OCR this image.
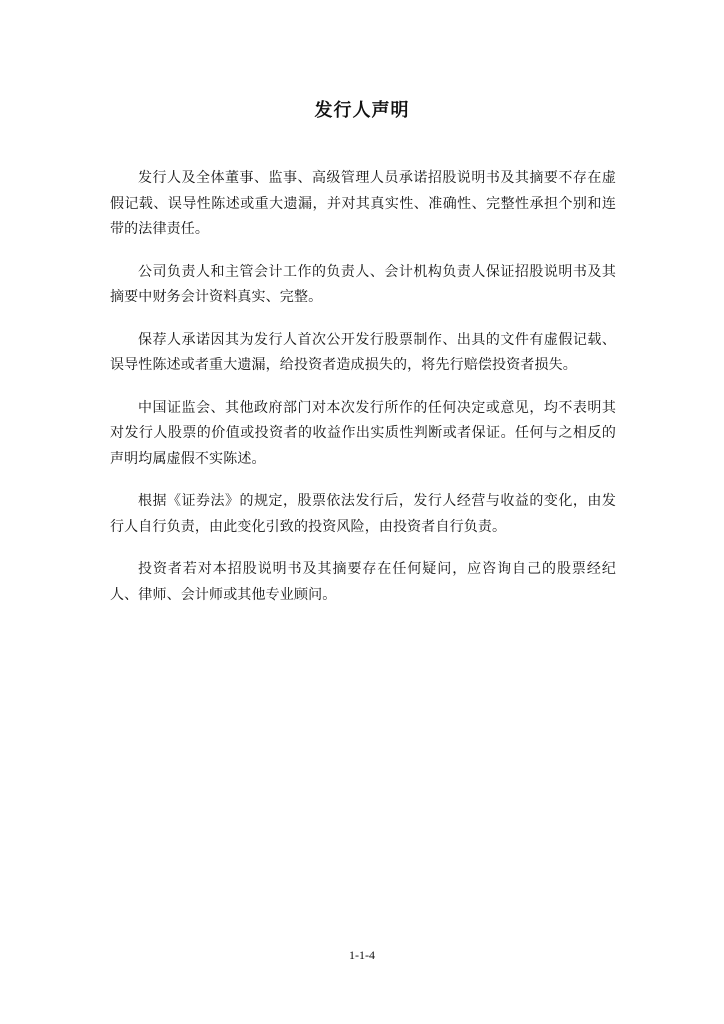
发行人声明

发行人及全体董事、监事、高级管理人员承诺招股说明书及其摘要不存在虚假记载、误导性陈述或重大遗漏，并对其真实性、准确性、完整性承担个别和连带的法律责任。

公司负责人和主管会计工作的负责人、会计机构负责人保证招股说明书及其摘要中财务会计资料真实、完整。

保荐人承诺因其为发行人首次公开发行股票制作、出具的文件有虚假记载、误导性陈述或者重大遗漏，给投资者造成损失的，将先行赔偿投资者损失。

中国证监会、其他政府部门对本次发行所作的任何决定或意见，均不表明其对发行人股票的价值或投资者的收益作出实质性判断或者保证。任何与之相反的声明均属虚假不实陈述。

根据《证券法》的规定，股票依法发行后，发行人经营与收益的变化，由发行人自行负责，由此变化引致的投资风险，由投资者自行负责。

投资者若对本招股说明书及其摘要存在任何疑问，应咨询自己的股票经纪人、律师、会计师或其他专业顾问。

1-1-4
